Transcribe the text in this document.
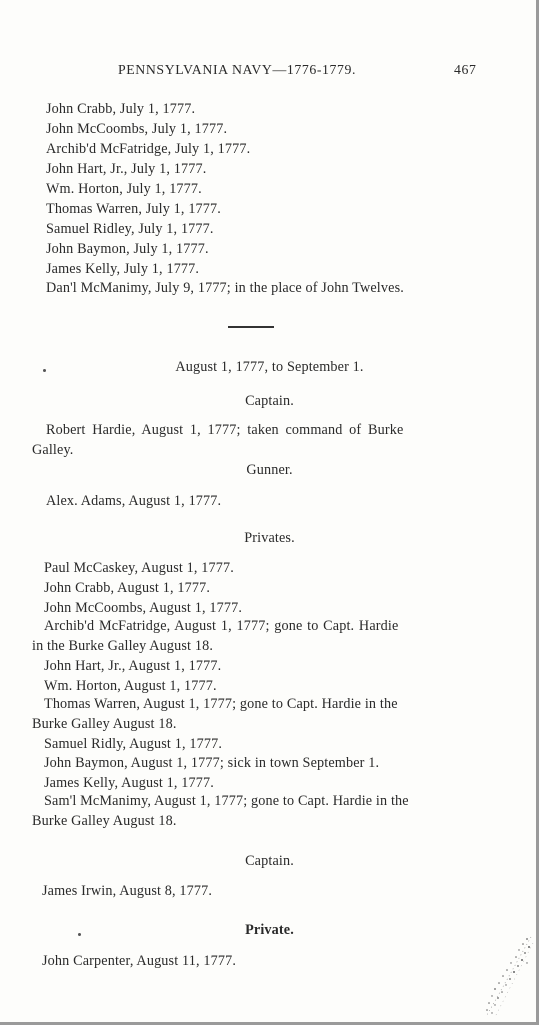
PENNSYLVANIA NAVY—1776-1779.	467
John Crabb, July 1, 1777.
John McCoombs, July 1, 1777.
Archib'd McFatridge, July 1, 1777.
John Hart, Jr., July 1, 1777.
Wm. Horton, July 1, 1777.
Thomas Warren, July 1, 1777.
Samuel Ridley, July 1, 1777.
John Baymon, July 1, 1777.
James Kelly, July 1, 1777.
Dan'l McManimy, July 9, 1777; in the place of John Twelves.
August 1, 1777, to September 1.
Captain.
Robert Hardie, August 1, 1777; taken command of Burke
Galley.
Gunner.
Alex. Adams, August 1, 1777.
Privates.
Paul McCaskey, August 1, 1777.
John Crabb, August 1, 1777.
John McCoombs, August 1, 1777.
Archib'd McFatridge, August 1, 1777; gone to Capt. Hardie
in the Burke Galley August 18.
John Hart, Jr., August 1, 1777.
Wm. Horton, August 1, 1777.
Thomas Warren, August 1, 1777; gone to Capt. Hardie in the
Burke Galley August 18.
Samuel Ridly, August 1, 1777.
John Baymon, August 1, 1777; sick in town September 1.
James Kelly, August 1, 1777.
Sam'l McManimy, August 1, 1777; gone to Capt. Hardie in the
Burke Galley August 18.
Captain.
James Irwin, August 8, 1777.
Private.
John Carpenter, August 11, 1777.
